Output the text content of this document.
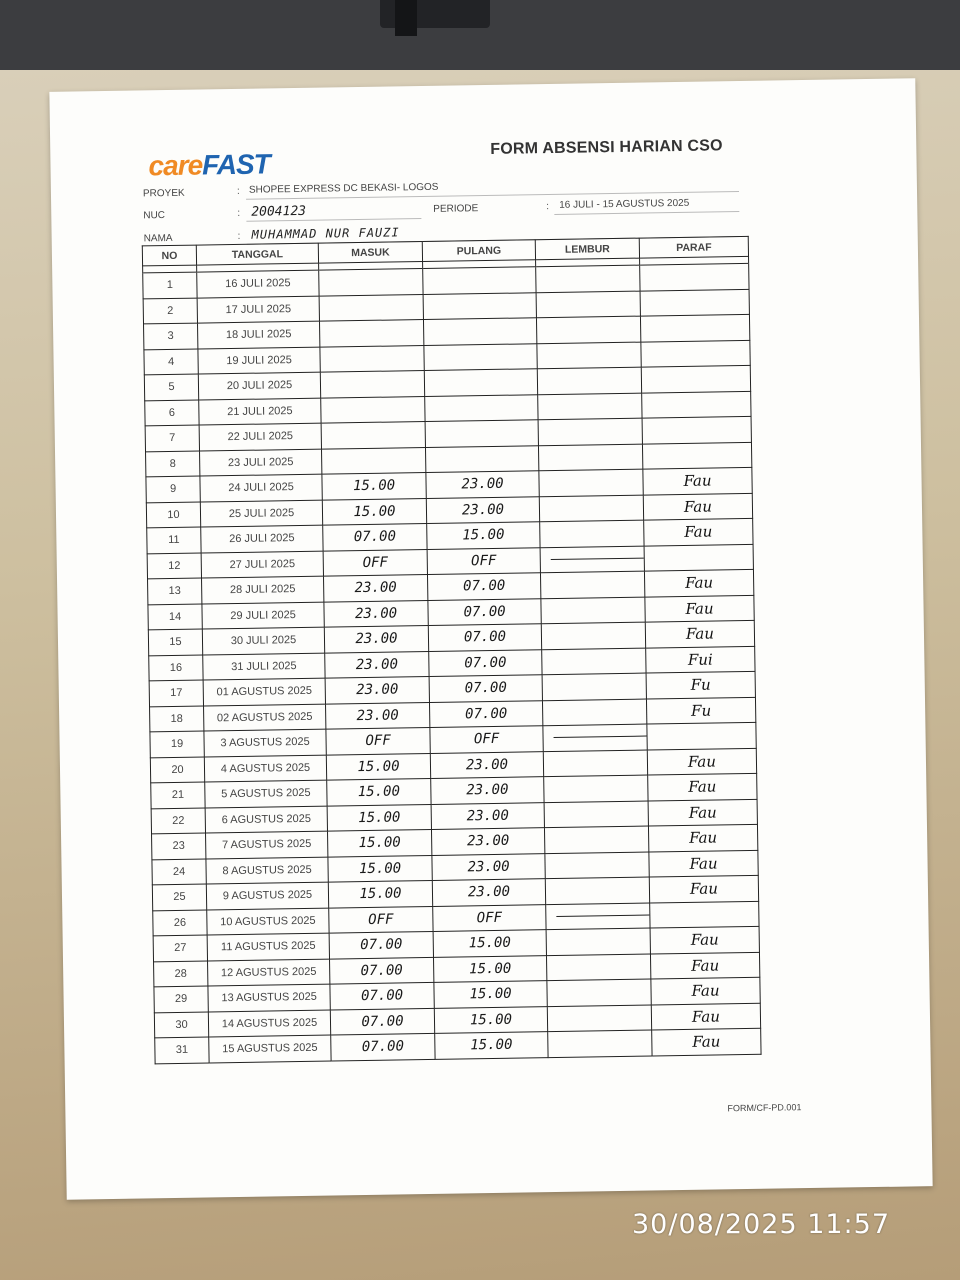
careFAST
FORM ABSENSI HARIAN CSO
PROYEK	: SHOPEE EXPRESS DC BEKASI- LOGOS
NUC	: 2004123	PERIODE	: 16 JULI - 15 AGUSTUS 2025
NAMA	: MUHAMMAD NUR FAUZI
NO	TANGGAL	MASUK	PULANG	LEMBUR	PARAF

1	16 JULI 2025				
2	17 JULI 2025				
3	18 JULI 2025				
4	19 JULI 2025				
5	20 JULI 2025				
6	21 JULI 2025				
7	22 JULI 2025				
8	23 JULI 2025				
9	24 JULI 2025	15.00	23.00		Fau
10	25 JULI 2025	15.00	23.00		Fau
11	26 JULI 2025	07.00	15.00		Fau
12	27 JULI 2025	OFF	OFF	

13	28 JULI 2025	23.00	07.00		Fau
14	29 JULI 2025	23.00	07.00		Fau
15	30 JULI 2025	23.00	07.00		Fau
16	31 JULI 2025	23.00	07.00		Fui
17	01 AGUSTUS 2025	23.00	07.00		Fu
18	02 AGUSTUS 2025	23.00	07.00		Fu
19	3 AGUSTUS 2025	OFF	OFF	

20	4 AGUSTUS 2025	15.00	23.00		Fau
21	5 AGUSTUS 2025	15.00	23.00		Fau
22	6 AGUSTUS 2025	15.00	23.00		Fau
23	7 AGUSTUS 2025	15.00	23.00		Fau
24	8 AGUSTUS 2025	15.00	23.00		Fau
25	9 AGUSTUS 2025	15.00	23.00		Fau
26	10 AGUSTUS 2025	OFF	OFF	

27	11 AGUSTUS 2025	07.00	15.00		Fau
28	12 AGUSTUS 2025	07.00	15.00		Fau
29	13 AGUSTUS 2025	07.00	15.00		Fau
30	14 AGUSTUS 2025	07.00	15.00		Fau
31	15 AGUSTUS 2025	07.00	15.00		Fau
FORM/CF-PD.001
30/08/2025 11:57
